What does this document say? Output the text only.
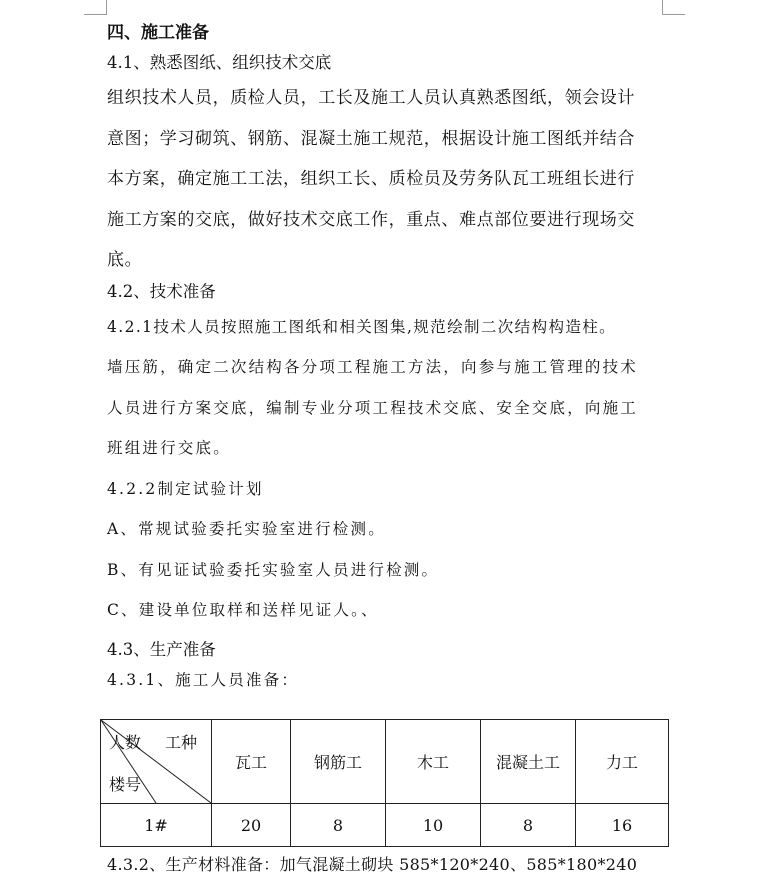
四、施工准备
4.1、熟悉图纸、组织技术交底
组织技术人员，质检人员，工长及施工人员认真熟悉图纸，领会设计
意图；学习砌筑、钢筋、混凝土施工规范，根据设计施工图纸并结合
本方案，确定施工工法，组织工长、质检员及劳务队瓦工班组长进行
施工方案的交底，做好技术交底工作，重点、难点部位要进行现场交
底。
4.2、技术准备
4.2.1技术人员按照施工图纸和相关图集,规范绘制二次结构构造柱。
墙压筋，确定二次结构各分项工程施工方法，向参与施工管理的技术
人员进行方案交底，编制专业分项工程技术交底、安全交底，向施工
班组进行交底。
4.2.2制定试验计划
A、常规试验委托实验室进行检测。
B、有见证试验委托实验室人员进行检测。
C、建设单位取样和送样见证人。、
4.3、生产准备
4.3.1、施工人员准备：
人数 工种
楼号	瓦工	钢筋工	木工	混凝土工	力工
1#	20	8	10	8	16
4.3.2、生产材料准备：加气混凝土砌块 585*120*240、585*180*240
